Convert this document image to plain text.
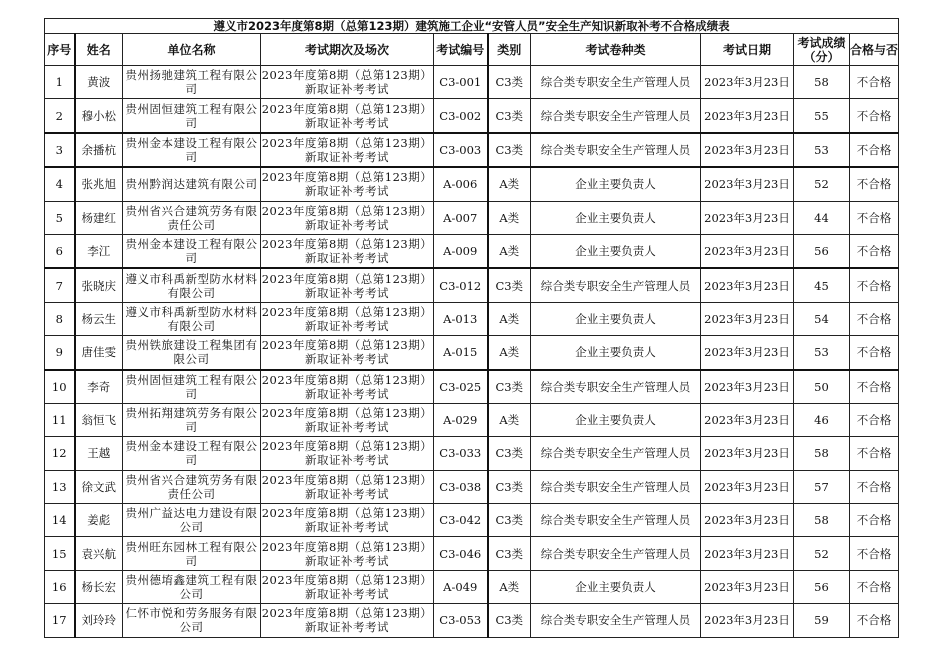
遵义市2023年度第8期（总第123期）建筑施工企业“安管人员”安全生产知识新取补考不合格成绩表									
序号	姓名	单位名称	考试期次及场次	考试编号	类别	考试卷种类	考试日期	考试成绩（分）	合格与否
1	黄波	贵州扬驰建筑工程有限公司	2023年度第8期（总第123期）新取证补考考试	C3-001	C3类	综合类专职安全生产管理人员	2023年3月23日	58	不合格
2	穆小松	贵州固恒建筑工程有限公司	2023年度第8期（总第123期）新取证补考考试	C3-002	C3类	综合类专职安全生产管理人员	2023年3月23日	55	不合格
3	余播杭	贵州金本建设工程有限公司	2023年度第8期（总第123期）新取证补考考试	C3-003	C3类	综合类专职安全生产管理人员	2023年3月23日	53	不合格
4	张兆旭	贵州黔润达建筑有限公司	2023年度第8期（总第123期）新取证补考考试	A-006	A类	企业主要负责人	2023年3月23日	52	不合格
5	杨建红	贵州省兴合建筑劳务有限责任公司	2023年度第8期（总第123期）新取证补考考试	A-007	A类	企业主要负责人	2023年3月23日	44	不合格
6	李江	贵州金本建设工程有限公司	2023年度第8期（总第123期）新取证补考考试	A-009	A类	企业主要负责人	2023年3月23日	56	不合格
7	张晓庆	遵义市科禹新型防水材料有限公司	2023年度第8期（总第123期）新取证补考考试	C3-012	C3类	综合类专职安全生产管理人员	2023年3月23日	45	不合格
8	杨云生	遵义市科禹新型防水材料有限公司	2023年度第8期（总第123期）新取证补考考试	A-013	A类	企业主要负责人	2023年3月23日	54	不合格
9	唐佳雯	贵州铁旅建设工程集团有限公司	2023年度第8期（总第123期）新取证补考考试	A-015	A类	企业主要负责人	2023年3月23日	53	不合格
10	李奇	贵州固恒建筑工程有限公司	2023年度第8期（总第123期）新取证补考考试	C3-025	C3类	综合类专职安全生产管理人员	2023年3月23日	50	不合格
11	翁恒飞	贵州拓翔建筑劳务有限公司	2023年度第8期（总第123期）新取证补考考试	A-029	A类	企业主要负责人	2023年3月23日	46	不合格
12	王越	贵州金本建设工程有限公司	2023年度第8期（总第123期）新取证补考考试	C3-033	C3类	综合类专职安全生产管理人员	2023年3月23日	58	不合格
13	徐文武	贵州省兴合建筑劳务有限责任公司	2023年度第8期（总第123期）新取证补考考试	C3-038	C3类	综合类专职安全生产管理人员	2023年3月23日	57	不合格
14	姜彪	贵州广益达电力建设有限公司	2023年度第8期（总第123期）新取证补考考试	C3-042	C3类	综合类专职安全生产管理人员	2023年3月23日	58	不合格
15	袁兴航	贵州旺东园林工程有限公司	2023年度第8期（总第123期）新取证补考考试	C3-046	C3类	综合类专职安全生产管理人员	2023年3月23日	52	不合格
16	杨长宏	贵州德堉鑫建筑工程有限公司	2023年度第8期（总第123期）新取证补考考试	A-049	A类	企业主要负责人	2023年3月23日	56	不合格
17	刘玲玲	仁怀市悦和劳务服务有限公司	2023年度第8期（总第123期）新取证补考考试	C3-053	C3类	综合类专职安全生产管理人员	2023年3月23日	59	不合格
